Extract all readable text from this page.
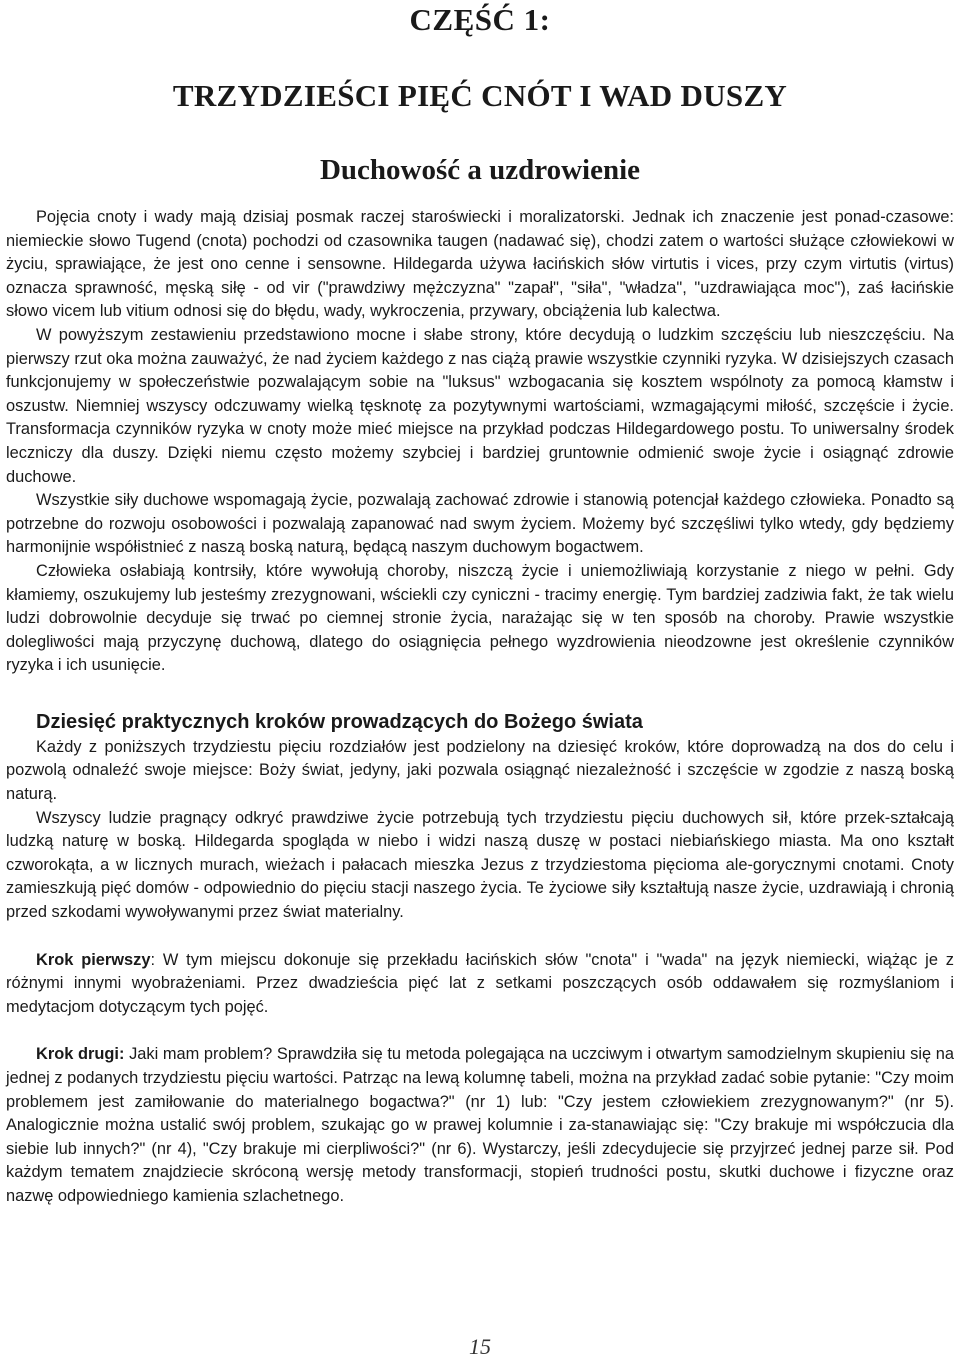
CZĘŚĆ 1:
TRZYDZIEŚCI PIĘĆ CNÓT I WAD DUSZY
Duchowość a uzdrowienie

Pojęcia cnoty i wady mają dzisiaj posmak raczej staroświecki i moralizatorski. Jednak ich znaczenie jest ponad-czasowe: niemieckie słowo Tugend (cnota) pochodzi od czasownika taugen (nadawać się), chodzi zatem o wartości służące człowiekowi w życiu, sprawiające, że jest ono cenne i sensowne. Hildegarda używa łacińskich słów virtutis i vices, przy czym virtutis (virtus) oznacza sprawność, męską siłę - od vir ("prawdziwy mężczyzna" "zapał", "siła", "władza", "uzdrawiająca moc"), zaś łacińskie słowo vicem lub vitium odnosi się do błędu, wady, wykroczenia, przywary, obciążenia lub kalectwa.

W powyższym zestawieniu przedstawiono mocne i słabe strony, które decydują o ludzkim szczęściu lub nieszczęściu. Na pierwszy rzut oka można zauważyć, że nad życiem każdego z nas ciążą prawie wszystkie czynniki ryzyka. W dzisiejszych czasach funkcjonujemy w społeczeństwie pozwalającym sobie na "luksus" wzbogacania się kosztem wspólnoty za pomocą kłamstw i oszustw. Niemniej wszyscy odczuwamy wielką tęsknotę za pozytywnymi wartościami, wzmagającymi miłość, szczęście i życie. Transformacja czynników ryzyka w cnoty może mieć miejsce na przykład podczas Hildegardowego postu. To uniwersalny środek leczniczy dla duszy. Dzięki niemu często możemy szybciej i bardziej gruntownie odmienić swoje życie i osiągnąć zdrowie duchowe.

Wszystkie siły duchowe wspomagają życie, pozwalają zachować zdrowie i stanowią potencjał każdego człowieka. Ponadto są potrzebne do rozwoju osobowości i pozwalają zapanować nad swym życiem. Możemy być szczęśliwi tylko wtedy, gdy będziemy harmonijnie współistnieć z naszą boską naturą, będącą naszym duchowym bogactwem.

Człowieka osłabiają kontrsiły, które wywołują choroby, niszczą życie i uniemożliwiają korzystanie z niego w pełni. Gdy kłamiemy, oszukujemy lub jesteśmy zrezygnowani, wściekli czy cyniczni - tracimy energię. Tym bardziej zadziwia fakt, że tak wielu ludzi dobrowolnie decyduje się trwać po ciemnej stronie życia, narażając się w ten sposób na choroby. Prawie wszystkie dolegliwości mają przyczynę duchową, dlatego do osiągnięcia pełnego wyzdrowienia nieodzowne jest określenie czynników ryzyka i ich usunięcie.

Dziesięć praktycznych kroków prowadzących do Bożego świata

Każdy z poniższych trzydziestu pięciu rozdziałów jest podzielony na dziesięć kroków, które doprowadzą na dos do celu i pozwolą odnaleźć swoje miejsce: Boży świat, jedyny, jaki pozwala osiągnąć niezależność i szczęście w zgodzie z naszą boską naturą.

Wszyscy ludzie pragnący odkryć prawdziwe życie potrzebują tych trzydziestu pięciu duchowych sił, które przek-ształcają ludzką naturę w boską. Hildegarda spogląda w niebo i widzi naszą duszę w postaci niebiańskiego miasta. Ma ono kształt czworokąta, a w licznych murach, wieżach i pałacach mieszka Jezus z trzydziestoma pięcioma ale-gorycznymi cnotami. Cnoty zamieszkują pięć domów - odpowiednio do pięciu stacji naszego życia. Te życiowe siły kształtują nasze życie, uzdrawiają i chronią przed szkodami wywoływanymi przez świat materialny.

Krok pierwszy: W tym miejscu dokonuje się przekładu łacińskich słów "cnota" i "wada" na język niemiecki, wiążąc je z różnymi innymi wyobrażeniami. Przez dwadzieścia pięć lat z setkami poszczących osób oddawałem się rozmyślaniom i medytacjom dotyczącym tych pojęć.

Krok drugi: Jaki mam problem? Sprawdziła się tu metoda polegająca na uczciwym i otwartym samodzielnym skupieniu się na jednej z podanych trzydziestu pięciu wartości. Patrząc na lewą kolumnę tabeli, można na przykład zadać sobie pytanie: "Czy moim problemem jest zamiłowanie do materialnego bogactwa?" (nr 1) lub: "Czy jestem człowiekiem zrezygnowanym?" (nr 5). Analogicznie można ustalić swój problem, szukając go w prawej kolumnie i za-stanawiając się: "Czy brakuje mi współczucia dla siebie lub innych?" (nr 4), "Czy brakuje mi cierpliwości?" (nr 6). Wystarczy, jeśli zdecydujecie się przyjrzeć jednej parze sił. Pod każdym tematem znajdziecie skróconą wersję metody transformacji, stopień trudności postu, skutki duchowe i fizyczne oraz nazwę odpowiedniego kamienia szlachetnego.

15
